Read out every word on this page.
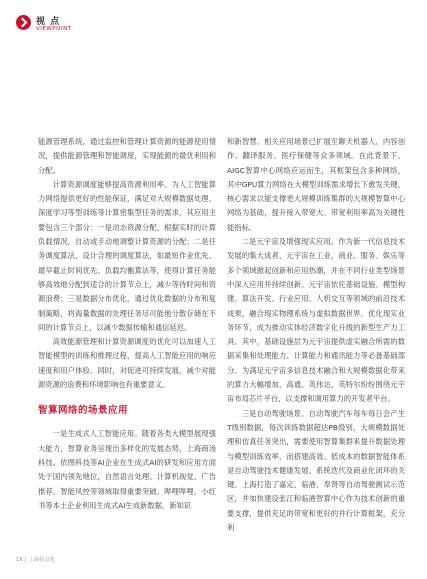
视 点
VIEWPOINT

能源管理系统，通过监控和管理计算资源的能源使用情况，提供能源管理和智能调度，实现能源的最优利用和分配。

计算资源调度能够提高资源利用率。为人工智能算力网络提供更好的性能保证，满足对大规模数据处理、深度学习等型训练等计算密集型任务的需求，其应用主要包含三个部分：一是动态资源分配，根据实时的计算负载情况，自动或手动地调整计算资源的分配；二是任务调度算法，设计合理的调度算法，如最短作业优先、最早截止时间优先、负载均衡算法等，使得计算任务能够高效地分配到适合的计算节点上，减少等待时间和资源浪费；三是数据分布优化，通过优化数据的分布和复制策略，将海量数据的处理任务尽可能地分散存储在不同的计算节点上，以减少数据传输和通信延迟。

高效能源管理和计算资源调度的优化可以加速人工智能模型的训练和推理过程，提高人工智能应用的响应速度和用户体验。同时，对促进可持续发展，减少对能源资源的浪费和环境影响也有重要意义。

智算网络的场景应用

一是生成式人工智能应用。随着各类大模型展现强大能力，智算业务呈现出多样化的发展态势，上海商汤科技、依图科技等AI企业在生成式AI的研发和应用方面处于国内领先地位，自然语言处理、计算机视觉、广告推荐、智能风控等领域取得重要突破。哔哩哔哩、小红书等本土企业利用生成式AI生成新数据、新知识

和新智慧。相关应用场景已扩展至聊天机器人、内容创作、翻译服务、医疗保健等众多领域。在此背景下，AIGC智算中心网络应运而生，其框架包含多种网络，其中GPU算力网络在大模型训练需求增长下愈发关键，核心需求以能支撑更大规模训练集群的大规模智算中心网络为基础，提升接入带宽大、带宽利用率高为关键性能指标。

二是元宇宙及增强现实应用。作为新一代信息技术发展的集大成者，元宇宙在工业、商业、服务、娱乐等多个领域掀起创新和应用热潮，并在不同行业类型场景中深入应用并持续创新。元宇宙依托基础设施、模型构建、算法开发、行业应用、人机交互等领域的前沿技术成果，融合现实物理系统与虚拟数据世界，优化现实业务环节，成为推动实体经济数字化升级的新型生产力工具。其中，基础设施层为元宇宙提供虚实融合所需的数据采集和处理能力、计算能力和通讯能力等必备基础部分。为满足元宇宙多信息技术融合和大规模数据化带来的算力大幅增加，高通、英伟达、英特尔纷纷围绕元宇宙布局芯片平台，以支撑和调用算力的开发者平台。

三是自动驾驶场景。自动驾驶汽车每车每日会产生T级别数据，每次训练数据超达PB级别，大规模数据处理和仿真任务突出，需要使用智算集群来提升数据处理与模型训练效率，而搭建高效、低成本的数据智能体系是自动驾驶技术健康发展、系统迭代及商业化闭环的关键。上海打造了嘉定、临港、奉贤等自动驾驶测试示范区，并加快建设张江和临港智算中心作为技术创新的重要支撑，提供充足的带宽和更好的并行计算框架，充分利

16 | 上海信息化
